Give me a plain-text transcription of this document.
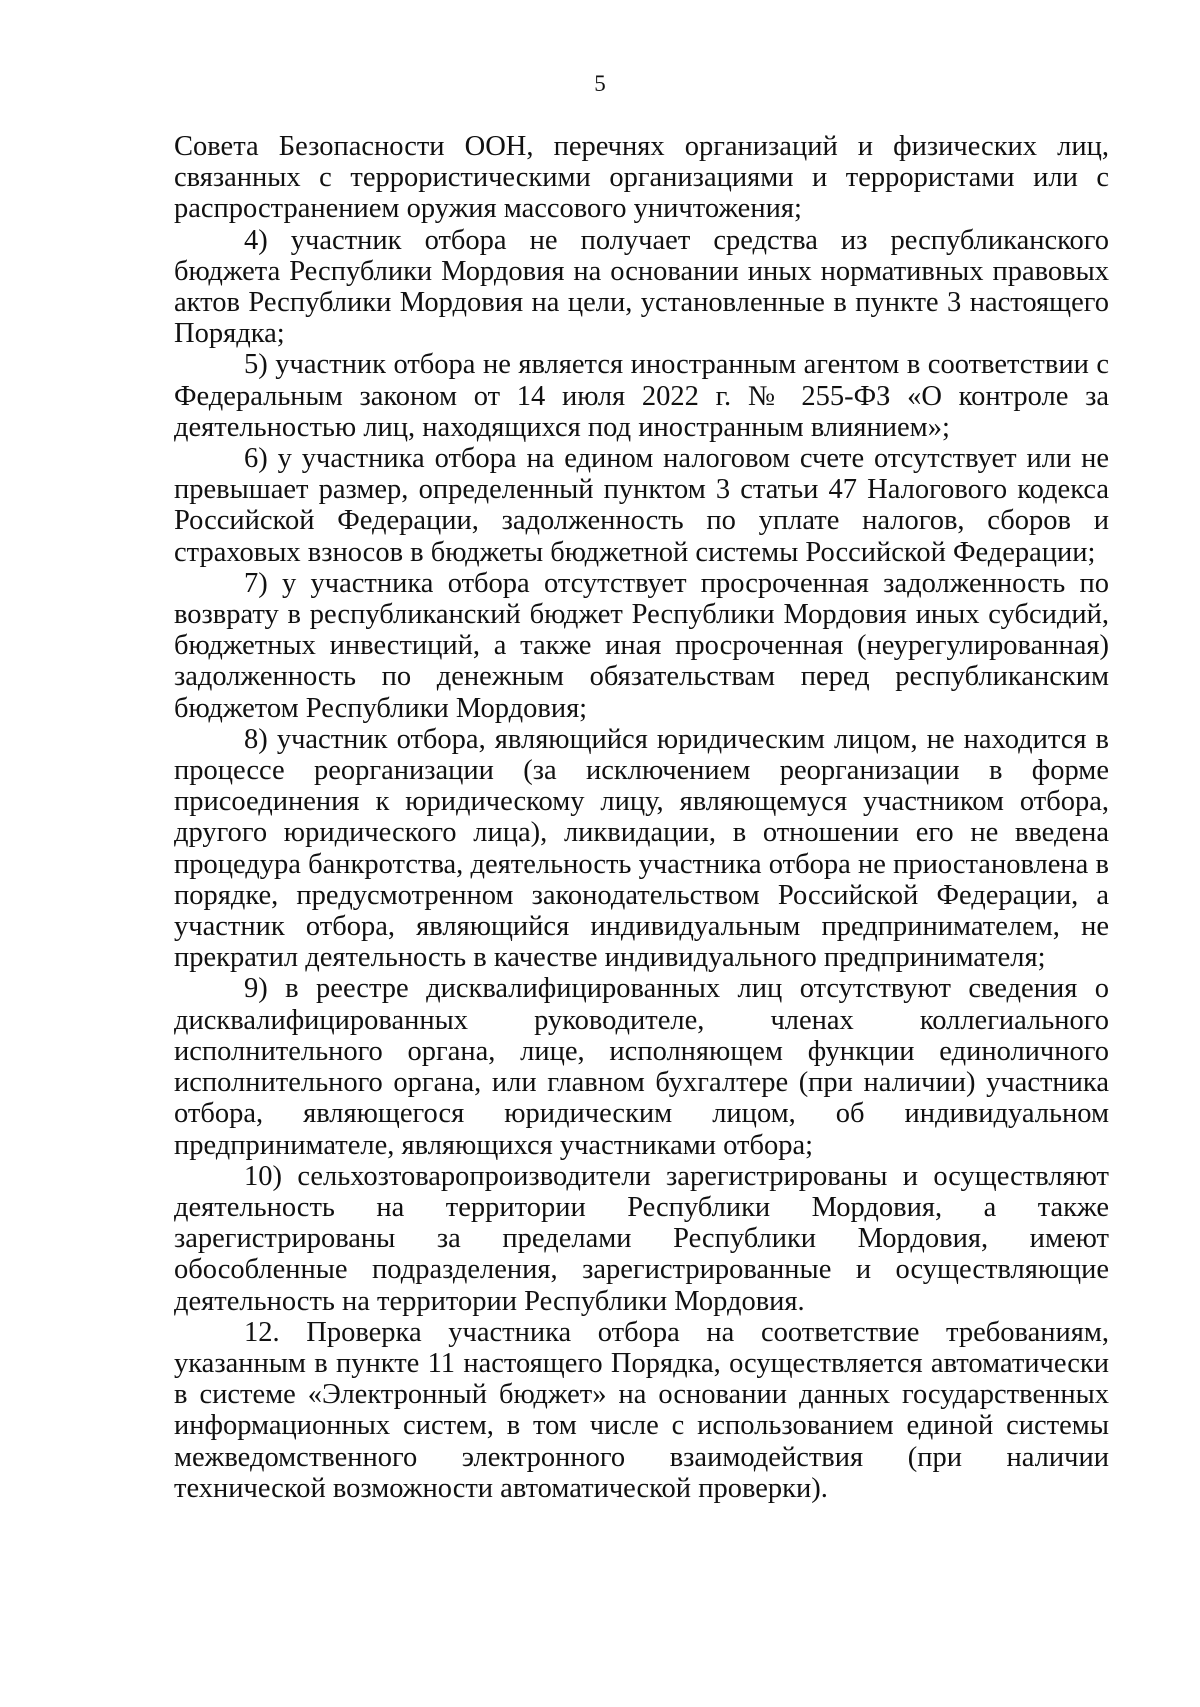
5

Совета Безопасности ООН, перечнях организаций и физических лиц, связанных с террористическими организациями и террористами или с распространением оружия массового уничтожения;

4) участник отбора не получает средства из республиканского бюджета Республики Мордовия на основании иных нормативных правовых актов Республики Мордовия на цели, установленные в пункте 3 настоящего Порядка;

5) участник отбора не является иностранным агентом в соответствии с Федеральным законом от 14 июля 2022 г. № 255-ФЗ «О контроле за деятельностью лиц, находящихся под иностранным влиянием»;

6) у участника отбора на едином налоговом счете отсутствует или не превышает размер, определенный пунктом 3 статьи 47 Налогового кодекса Российской Федерации, задолженность по уплате налогов, сборов и страховых взносов в бюджеты бюджетной системы Российской Федерации;

7) у участника отбора отсутствует просроченная задолженность по возврату в республиканский бюджет Республики Мордовия иных субсидий, бюджетных инвестиций, а также иная просроченная (неурегулированная) задолженность по денежным обязательствам перед республиканским бюджетом Республики Мордовия;

8) участник отбора, являющийся юридическим лицом, не находится в процессе реорганизации (за исключением реорганизации в форме присоединения к юридическому лицу, являющемуся участником отбора, другого юридического лица), ликвидации, в отношении его не введена процедура банкротства, деятельность участника отбора не приостановлена в порядке, предусмотренном законодательством Российской Федерации, а участник отбора, являющийся индивидуальным предпринимателем, не прекратил деятельность в качестве индивидуального предпринимателя;

9) в реестре дисквалифицированных лиц отсутствуют сведения о дисквалифицированных руководителе, членах коллегиального исполнительного органа, лице, исполняющем функции единоличного исполнительного органа, или главном бухгалтере (при наличии) участника отбора, являющегося юридическим лицом, об индивидуальном предпринимателе, являющихся участниками отбора;

10) сельхозтоваропроизводители зарегистрированы и осуществляют деятельность на территории Республики Мордовия, а также зарегистрированы за пределами Республики Мордовия, имеют обособленные подразделения, зарегистрированные и осуществляющие деятельность на территории Республики Мордовия.

12. Проверка участника отбора на соответствие требованиям, указанным в пункте 11 настоящего Порядка, осуществляется автоматически в системе «Электронный бюджет» на основании данных государственных информационных систем, в том числе с использованием единой системы межведомственного электронного взаимодействия (при наличии технической возможности автоматической проверки).
